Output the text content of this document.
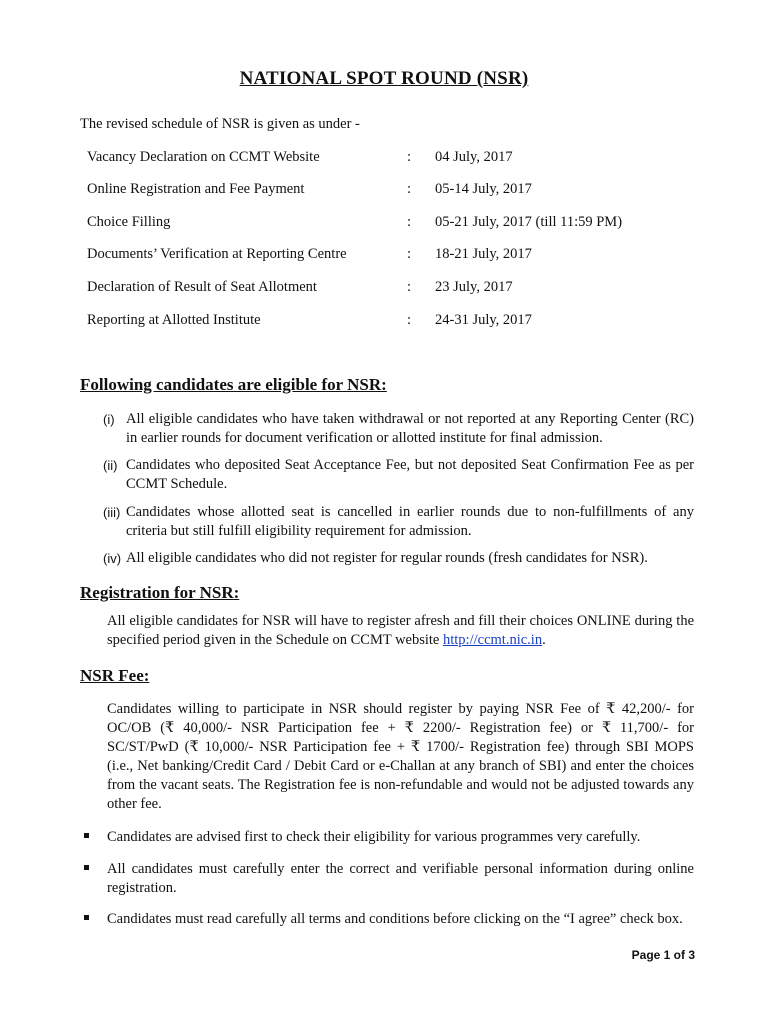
NATIONAL SPOT ROUND (NSR)
The revised schedule of NSR is given as under -
Vacancy Declaration on CCMT Website	: 04 July, 2017
Online Registration and Fee Payment	: 05-14 July, 2017
Choice Filling	: 05-21 July, 2017 (till 11:59 PM)
Documents’ Verification at Reporting Centre	: 18-21 July, 2017
Declaration of Result of Seat Allotment	: 23 July, 2017
Reporting at Allotted Institute	: 24-31 July, 2017
Following candidates are eligible for NSR:
(i) All eligible candidates who have taken withdrawal or not reported at any Reporting Center (RC) in earlier rounds for document verification or allotted institute for final admission.
(ii) Candidates who deposited Seat Acceptance Fee, but not deposited Seat Confirmation Fee as per CCMT Schedule.
(iii) Candidates whose allotted seat is cancelled in earlier rounds due to non-fulfillments of any criteria but still fulfill eligibility requirement for admission.
(iv) All eligible candidates who did not register for regular rounds (fresh candidates for NSR).
Registration for NSR:
All eligible candidates for NSR will have to register afresh and fill their choices ONLINE during the specified period given in the Schedule on CCMT website http://ccmt.nic.in.
NSR Fee:
Candidates willing to participate in NSR should register by paying NSR Fee of ₹ 42,200/- for OC/OB (₹ 40,000/- NSR Participation fee + ₹ 2200/- Registration fee) or ₹ 11,700/- for SC/ST/PwD (₹ 10,000/- NSR Participation fee + ₹ 1700/- Registration fee) through SBI MOPS (i.e., Net banking/Credit Card / Debit Card or e-Challan at any branch of SBI) and enter the choices from the vacant seats. The Registration fee is non-refundable and would not be adjusted towards any other fee.
Candidates are advised first to check their eligibility for various programmes very carefully.
All candidates must carefully enter the correct and verifiable personal information during online registration.
Candidates must read carefully all terms and conditions before clicking on the “I agree” check box.
Page 1 of 3
